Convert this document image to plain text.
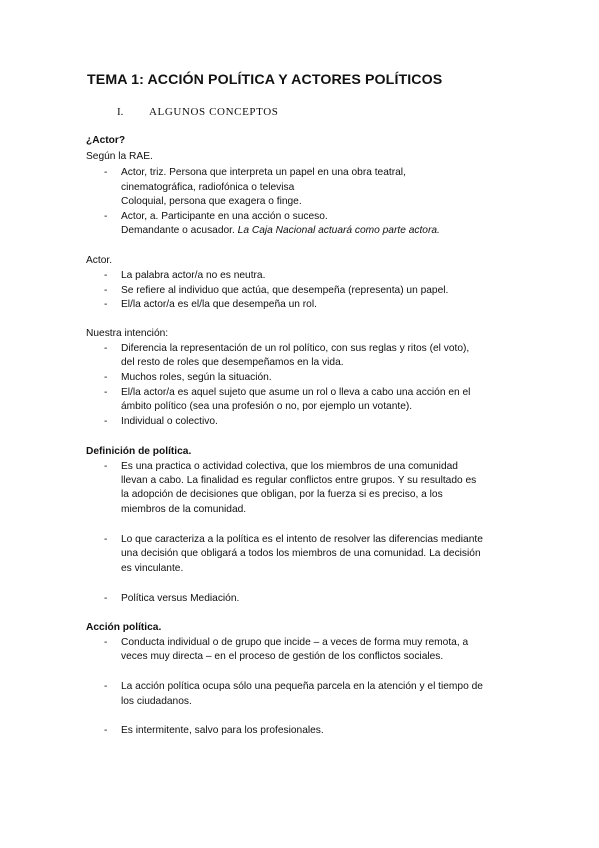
TEMA 1: ACCIÓN POLÍTICA Y ACTORES POLÍTICOS
I. ALGUNOS CONCEPTOS
¿Actor?
Según la RAE.
- Actor, triz. Persona que interpreta un papel en una obra teatral,
cinematográfica, radiofónica o televisa
Coloquial, persona que exagera o finge.
- Actor, a. Participante en una acción o suceso.
Demandante o acusador. La Caja Nacional actuará como parte actora.
Actor.
- La palabra actor/a no es neutra.
- Se refiere al individuo que actúa, que desempeña (representa) un papel.
- El/la actor/a es el/la que desempeña un rol.
Nuestra intención:
- Diferencia la representación de un rol político, con sus reglas y ritos (el voto),
del resto de roles que desempeñamos en la vida.
- Muchos roles, según la situación.
- El/la actor/a es aquel sujeto que asume un rol o lleva a cabo una acción en el
ámbito político (sea una profesión o no, por ejemplo un votante).
- Individual o colectivo.
Definición de política.
- Es una practica o actividad colectiva, que los miembros de una comunidad
llevan a cabo. La finalidad es regular conflictos entre grupos. Y su resultado es
la adopción de decisiones que obligan, por la fuerza si es preciso, a los
miembros de la comunidad.
- Lo que caracteriza a la política es el intento de resolver las diferencias mediante
una decisión que obligará a todos los miembros de una comunidad. La decisión
es vinculante.
- Política versus Mediación.
Acción política.
- Conducta individual o de grupo que incide – a veces de forma muy remota, a
veces muy directa – en el proceso de gestión de los conflictos sociales.
- La acción política ocupa sólo una pequeña parcela en la atención y el tiempo de
los ciudadanos.
- Es intermitente, salvo para los profesionales.
